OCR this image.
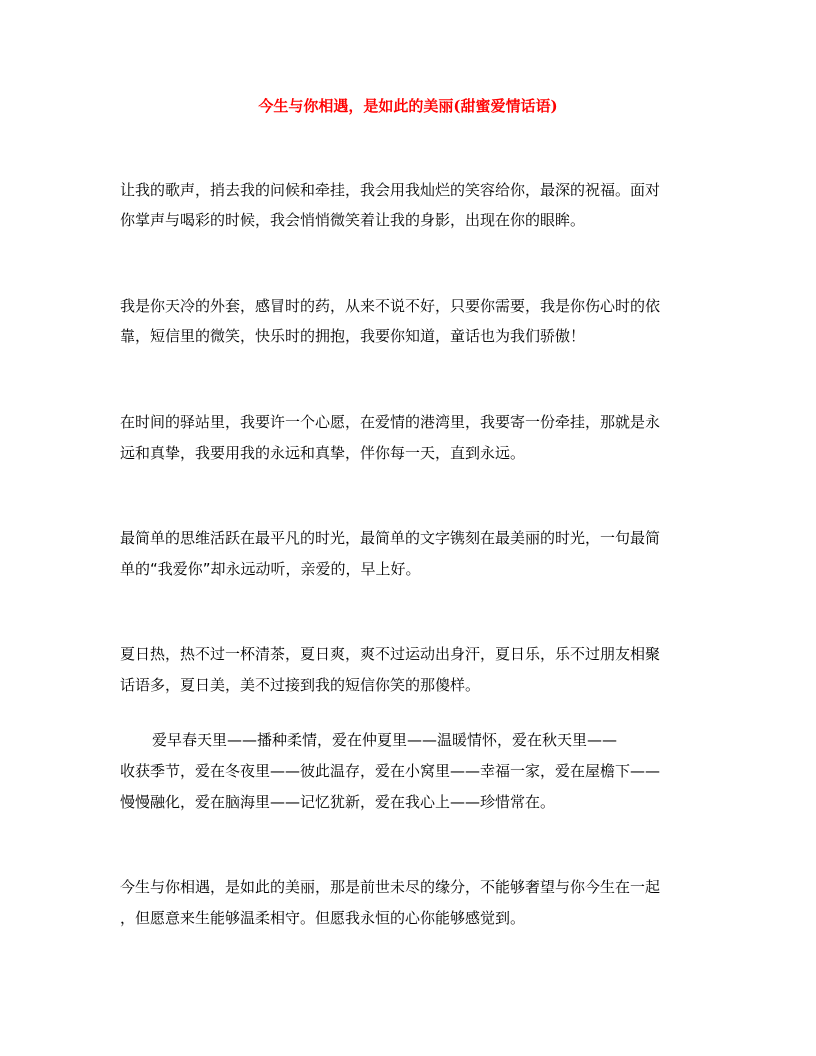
今生与你相遇，是如此的美丽(甜蜜爱情话语)
让我的歌声，捎去我的问候和牵挂，我会用我灿烂的笑容给你，最深的祝福。面对
你掌声与喝彩的时候，我会悄悄微笑着让我的身影，出现在你的眼眸。
我是你天冷的外套，感冒时的药，从来不说不好，只要你需要，我是你伤心时的依
靠，短信里的微笑，快乐时的拥抱，我要你知道，童话也为我们骄傲！
在时间的驿站里，我要许一个心愿，在爱情的港湾里，我要寄一份牵挂，那就是永
远和真挚，我要用我的永远和真挚，伴你每一天，直到永远。
最简单的思维活跃在最平凡的时光，最简单的文字镌刻在最美丽的时光，一句最简
单的“我爱你”却永远动听，亲爱的，早上好。
夏日热，热不过一杯清茶，夏日爽，爽不过运动出身汗，夏日乐，乐不过朋友相聚
话语多，夏日美，美不过接到我的短信你笑的那傻样。
爱早春天里——播种柔情，爱在仲夏里——温暖情怀，爱在秋天里——
收获季节，爱在冬夜里——彼此温存，爱在小窝里——幸福一家，爱在屋檐下——
慢慢融化，爱在脑海里——记忆犹新，爱在我心上——珍惜常在。
今生与你相遇，是如此的美丽，那是前世未尽的缘分，不能够奢望与你今生在一起
，但愿意来生能够温柔相守。但愿我永恒的心你能够感觉到。
